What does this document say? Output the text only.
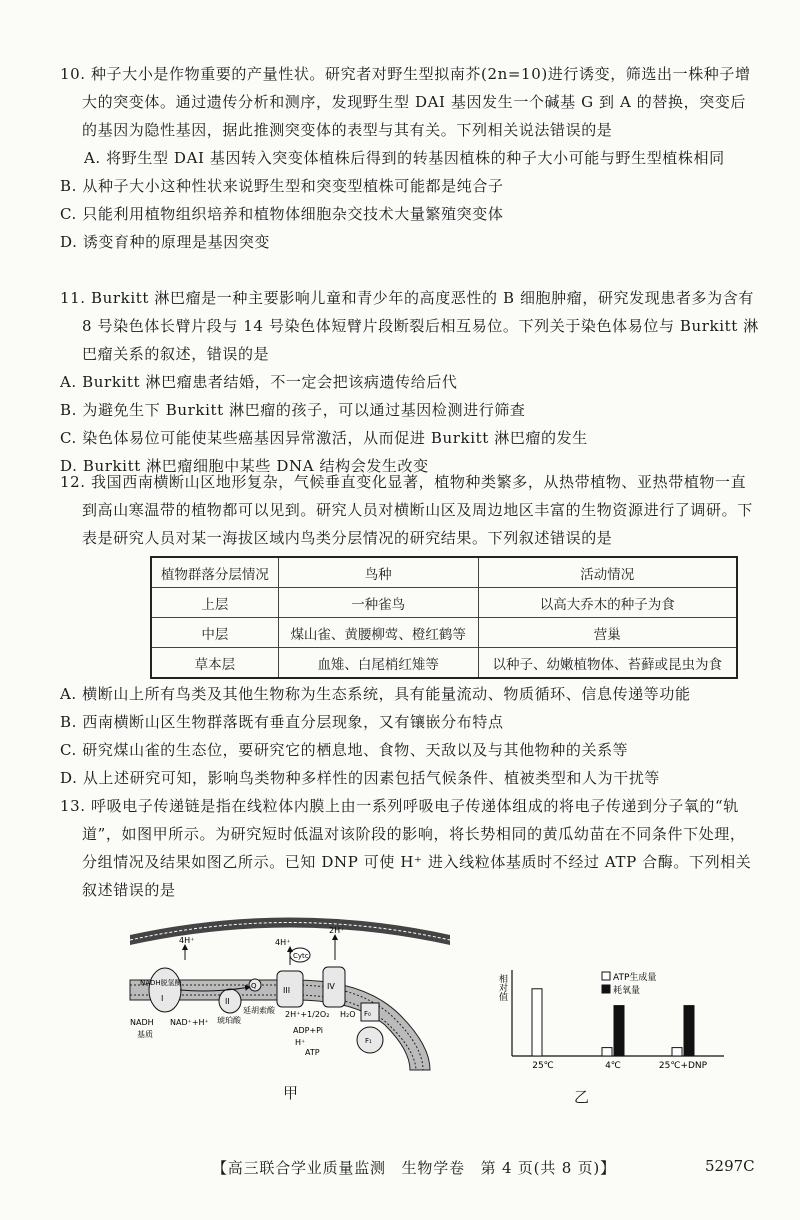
10. 种子大小是作物重要的产量性状。研究者对野生型拟南芥(2n=10)进行诱变，筛选出一株种子增大的突变体。通过遗传分析和测序，发现野生型 DAI 基因发生一个碱基 G 到 A 的替换，突变后的基因为隐性基因，据此推测突变体的表型与其有关。下列相关说法错误的是
A. 将野生型 DAI 基因转入突变体植株后得到的转基因植株的种子大小可能与野生型植株相同
B. 从种子大小这种性状来说野生型和突变型植株可能都是纯合子
C. 只能利用植物组织培养和植物体细胞杂交技术大量繁殖突变体
D. 诱变育种的原理是基因突变
11. Burkitt 淋巴瘤是一种主要影响儿童和青少年的高度恶性的 B 细胞肿瘤，研究发现患者多为含有 8 号染色体长臂片段与 14 号染色体短臂片段断裂后相互易位。下列关于染色体易位与 Burkitt 淋巴瘤关系的叙述，错误的是
A. Burkitt 淋巴瘤患者结婚，不一定会把该病遗传给后代
B. 为避免生下 Burkitt 淋巴瘤的孩子，可以通过基因检测进行筛查
C. 染色体易位可能使某些癌基因异常激活，从而促进 Burkitt 淋巴瘤的发生
D. Burkitt 淋巴瘤细胞中某些 DNA 结构会发生改变
12. 我国西南横断山区地形复杂，气候垂直变化显著，植物种类繁多，从热带植物、亚热带植物一直到高山寒温带的植物都可以见到。研究人员对横断山区及周边地区丰富的生物资源进行了调研。下表是研究人员对某一海拔区域内鸟类分层情况的研究结果。下列叙述错误的是
植物群落分层情况	鸟种	活动情况
上层	一种雀鸟	以高大乔木的种子为食
中层	煤山雀、黄腰柳莺、橙红鹤等	营巢
草本层	血雉、白尾梢红雉等	以种子、幼嫩植物体、苔藓或昆虫为食
A. 横断山上所有鸟类及其他生物称为生态系统，具有能量流动、物质循环、信息传递等功能
B. 西南横断山区生物群落既有垂直分层现象，又有镶嵌分布特点
C. 研究煤山雀的生态位，要研究它的栖息地、食物、天敌以及与其他物种的关系等
D. 从上述研究可知，影响鸟类物种多样性的因素包括气候条件、植被类型和人为干扰等
13. 呼吸电子传递链是指在线粒体内膜上由一系列呼吸电子传递体组成的将电子传递到分子氧的“轨道”，如图甲所示。为研究短时低温对该阶段的影响，将长势相同的黄瓜幼苗在不同条件下处理，分组情况及结果如图乙所示。已知 DNP 可使 H⁺ 进入线粒体基质时不经过 ATP 合酶。下列相关叙述错误的是
4H⁺	4H⁺
2H⁺
Cytc
NADH脱氢酶
I	II
III	IV
Q
F₀
F₁
NADH NAD⁺+H⁺
基质
琥珀酸
延胡索酸 2H⁺+1/2O₂ H₂O
ADP+Pi
H⁺
ATP
甲
相对值	ATP生成量
耗氧量
25℃	4℃	25℃+DNP
乙
【高三联合学业质量监测　生物学卷　第 4 页(共 8 页)】	5297C
